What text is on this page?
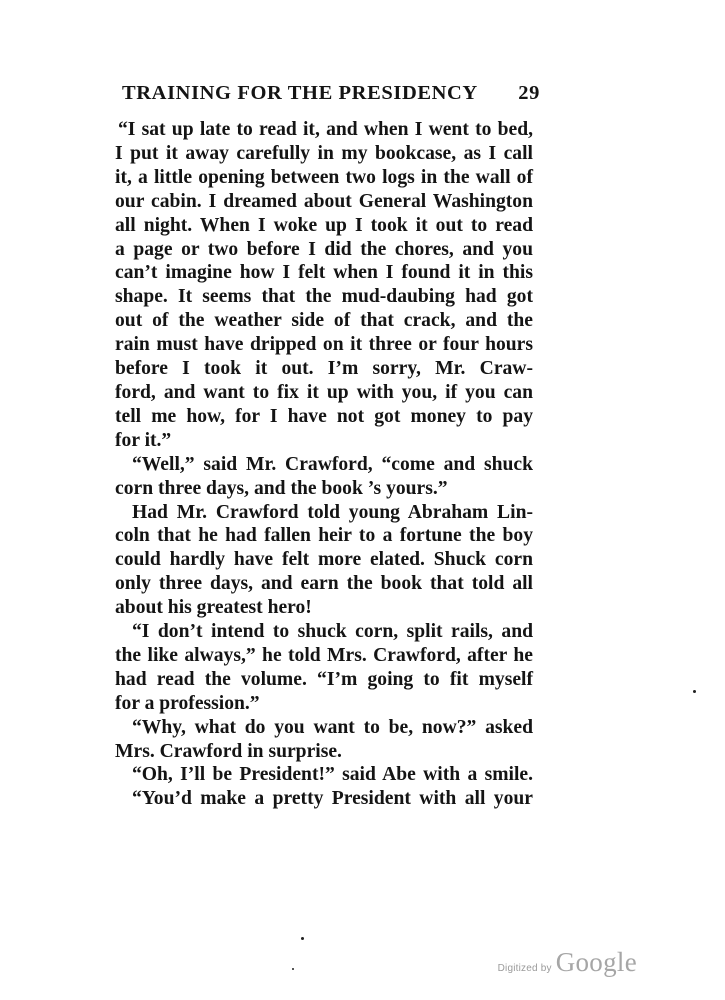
TRAINING FOR THE PRESIDENCY 29
“I sat up late to read it, and when I went to bed,
I put it away carefully in my bookcase, as I call
it, a little opening between two logs in the wall of
our cabin. I dreamed about General Washington
all night. When I woke up I took it out to read
a page or two before I did the chores, and you
can’t imagine how I felt when I found it in this
shape. It seems that the mud-daubing had got
out of the weather side of that crack, and the
rain must have dripped on it three or four hours
before I took it out. I’m sorry, Mr. Craw-
ford, and want to fix it up with you, if you can
tell me how, for I have not got money to pay
for it.”
“Well,” said Mr. Crawford, “come and shuck
corn three days, and the book ’s yours.”
Had Mr. Crawford told young Abraham Lin-
coln that he had fallen heir to a fortune the boy
could hardly have felt more elated. Shuck corn
only three days, and earn the book that told all
about his greatest hero!
“I don’t intend to shuck corn, split rails, and
the like always,” he told Mrs. Crawford, after he
had read the volume. “I’m going to fit myself
for a profession.”
“Why, what do you want to be, now?” asked
Mrs. Crawford in surprise.
“Oh, I’ll be President!” said Abe with a smile.
“You’d make a pretty President with all your
Digitized by Google
